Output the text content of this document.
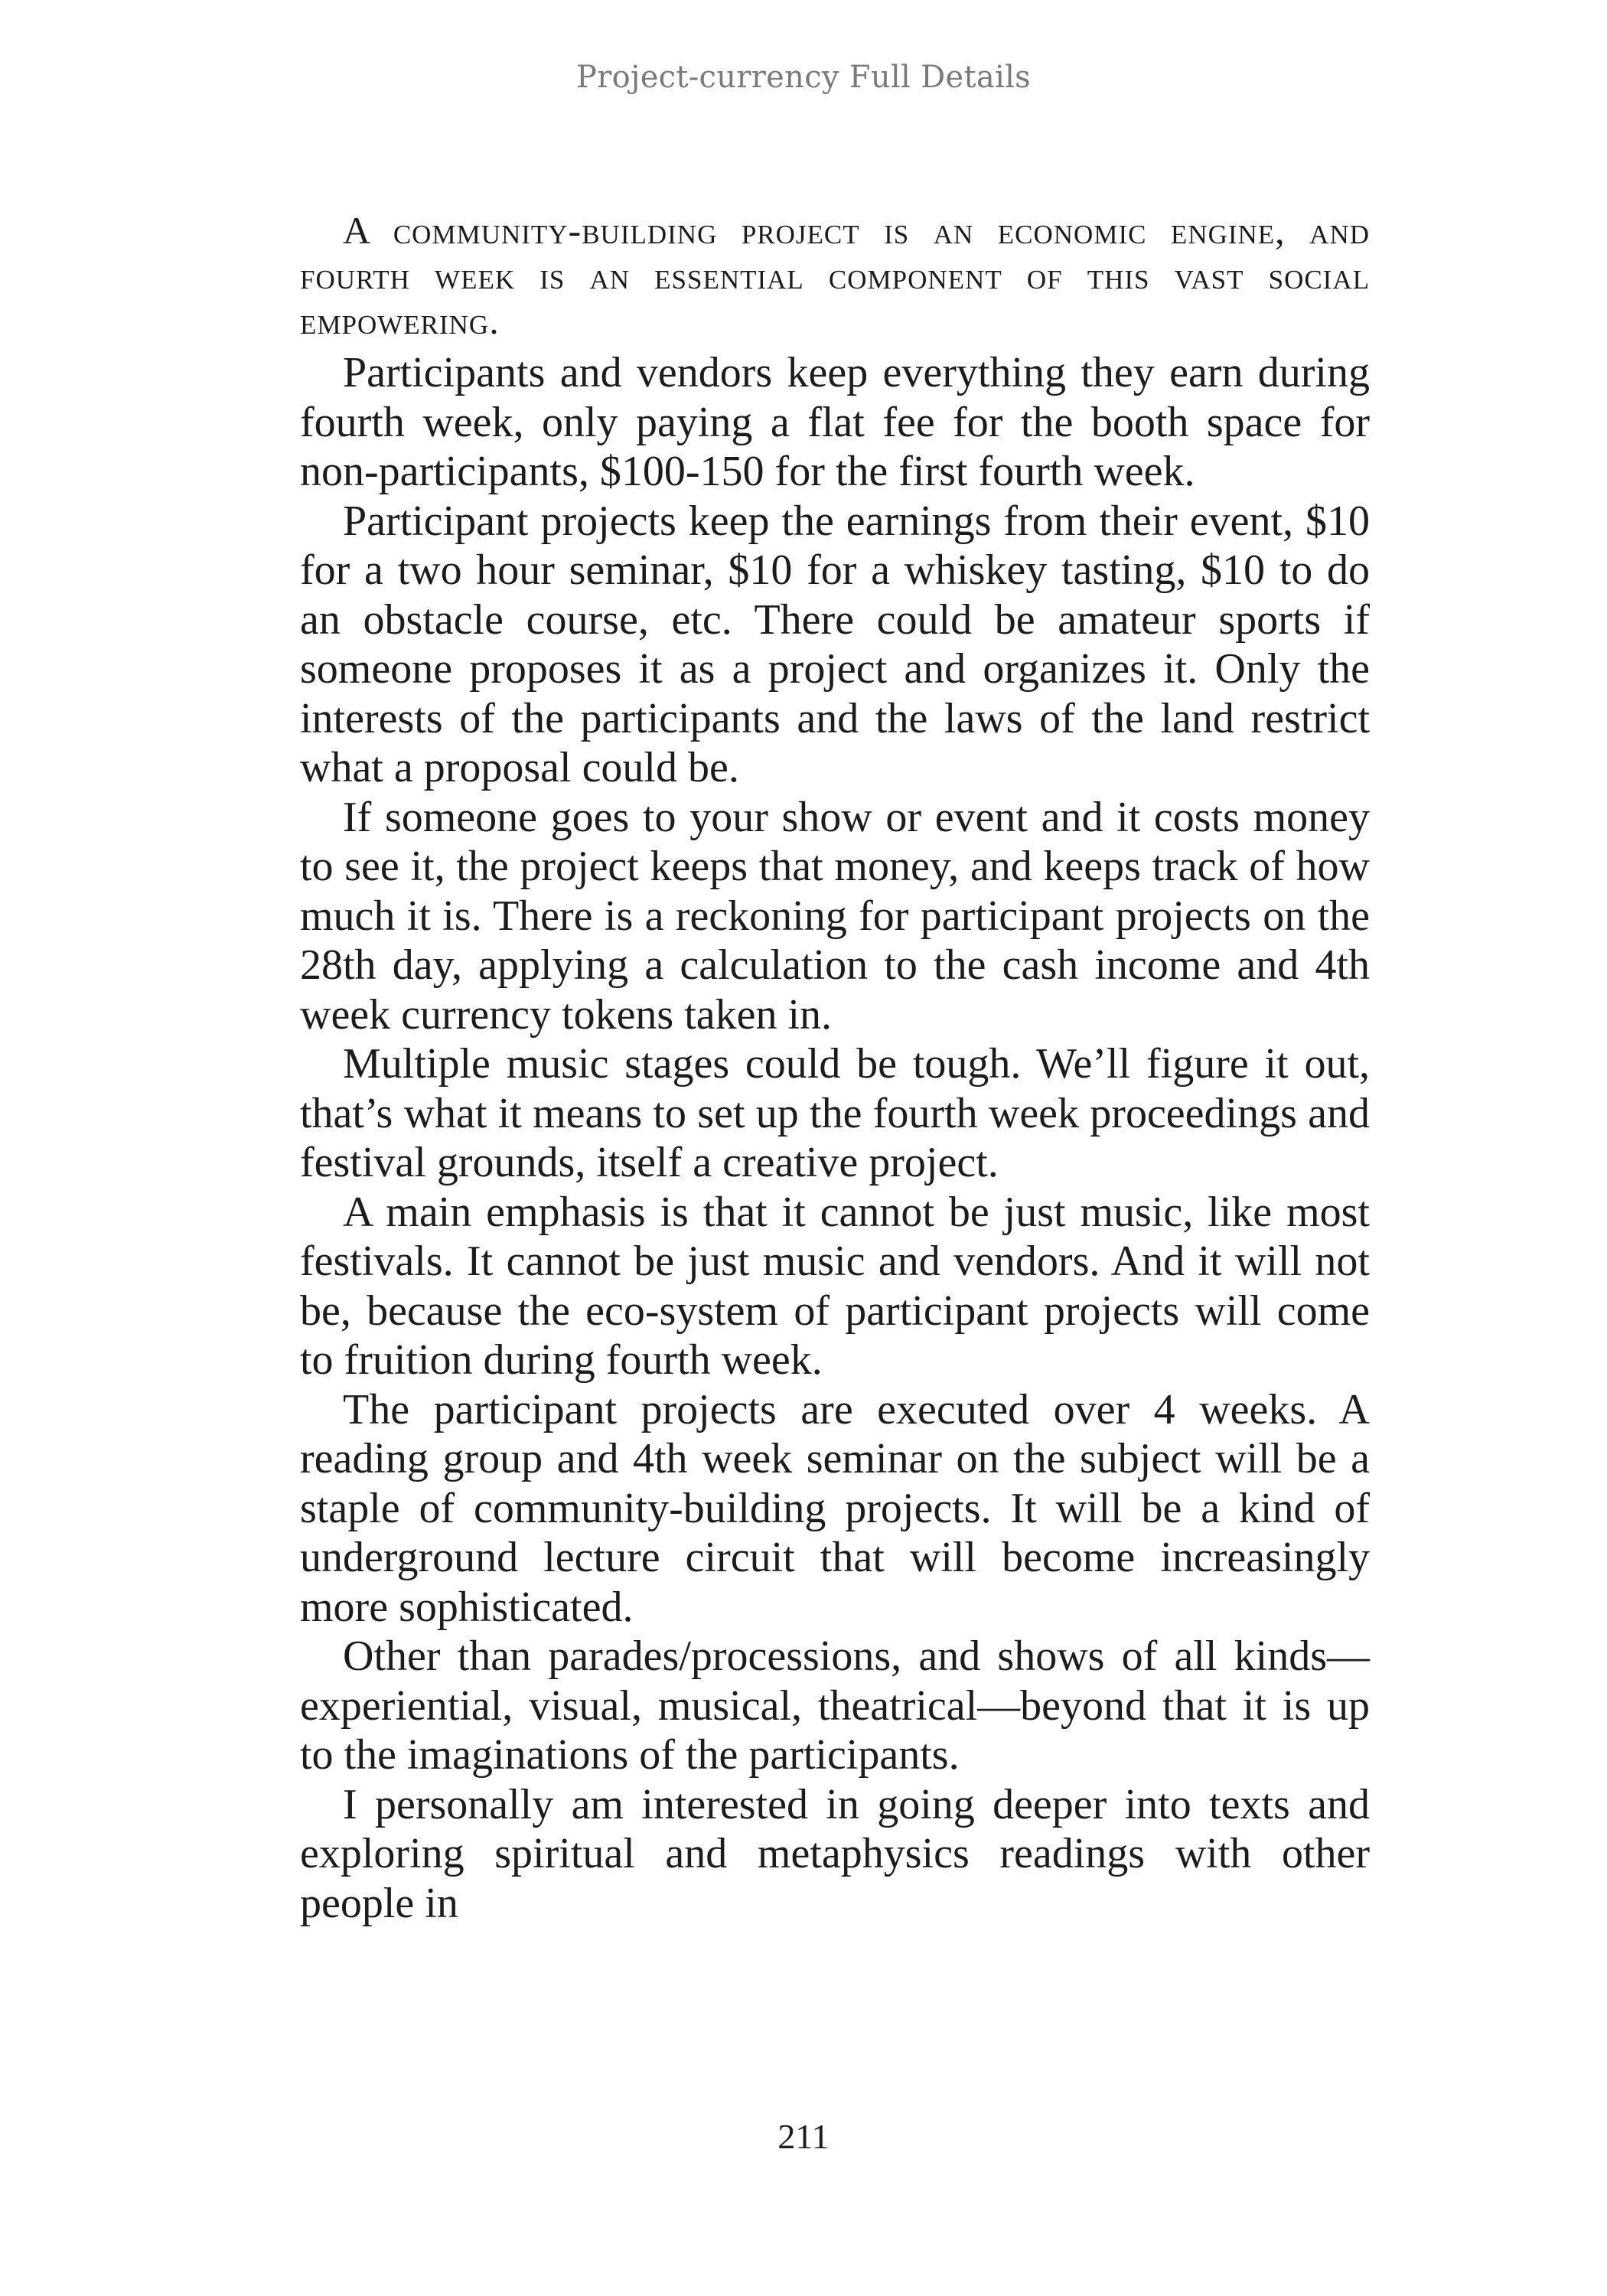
Project-currency Full Details

A community-building project is an economic engine, and fourth week is an essential component of this vast social empowering.

Participants and vendors keep everything they earn during fourth week, only paying a flat fee for the booth space for non-participants, $100-150 for the first fourth week.

Participant projects keep the earnings from their event, $10 for a two hour seminar, $10 for a whiskey tasting, $10 to do an obstacle course, etc. There could be amateur sports if someone proposes it as a project and organizes it. Only the interests of the participants and the laws of the land restrict what a proposal could be.

If someone goes to your show or event and it costs money to see it, the project keeps that money, and keeps track of how much it is. There is a reckoning for participant projects on the 28th day, applying a calculation to the cash income and 4th week currency tokens taken in.

Multiple music stages could be tough. We’ll figure it out, that’s what it means to set up the fourth week proceedings and festival grounds, itself a creative project.

A main emphasis is that it cannot be just music, like most festivals. It cannot be just music and vendors. And it will not be, because the eco-system of participant projects will come to fruition during fourth week.

The participant projects are executed over 4 weeks. A reading group and 4th week seminar on the subject will be a staple of community-building projects. It will be a kind of underground lecture circuit that will become increasingly more sophisticated.

Other than parades/processions, and shows of all kinds—experiential, visual, musical, theatrical—beyond that it is up to the imaginations of the participants.

I personally am interested in going deeper into texts and exploring spiritual and metaphysics readings with other people in

211
